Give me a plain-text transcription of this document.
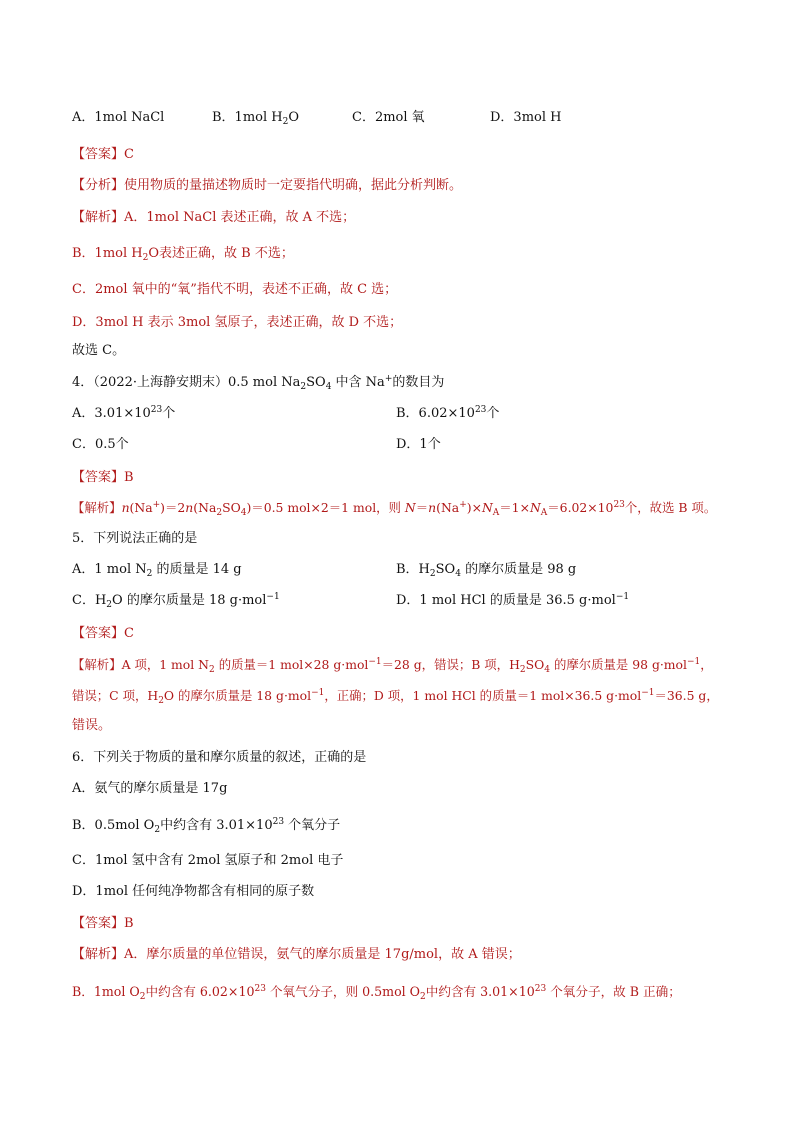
A．1mol NaCl	B．1mol $H_2O$	C．2mol 氧	D．3mol H
【答案】C
【分析】使用物质的量描述物质时一定要指代明确，据此分析判断。
【解析】A．1mol NaCl 表述正确，故 A 不选；
B．1mol $H_2O$表述正确，故 B 不选；
C．2mol 氧中的“氧”指代不明，表述不正确，故 C 选；
D．3mol H 表示 3mol 氢原子，表述正确，故 D 不选；
故选 C。
4．（2022·上海静安期末）0.5 mol $Na_2SO_4$ 中含 Na+的数目为
A．$3.01\times 10^{23}$个	B．$6.02\times 10^{23}$个
C．0.5个	D．1个
【答案】B
【解析】$n(Na^+)=2n(Na_2SO_4)=0.5$ mol×2＝1 mol，则 $N=n(Na^+)\times N_A=1\times N_A=6.02\times 10^{23}$个，故选 B 项。
5．下列说法正确的是
A．1 mol $N_2$ 的质量是 14 g	B．$H_2SO_4$ 的摩尔质量是 98 g
C．$H_2O$ 的摩尔质量是 18 g·mol$^{-1}$	D．1 mol HCl 的质量是 36.5 g·mol$^{-1}$
【答案】C
【解析】A 项，1 mol $N_2$ 的质量＝1 mol×28 g·mol$^{-1}$＝28 g，错误；B 项，$H_2SO_4$ 的摩尔质量是 98 g·mol$^{-1}$，
错误；C 项，$H_2O$ 的摩尔质量是 18 g·mol$^{-1}$，正确；D 项，1 mol HCl 的质量＝1 mol×36.5 g·mol$^{-1}$＝36.5 g，
错误。
6．下列关于物质的量和摩尔质量的叙述，正确的是
A．氨气的摩尔质量是 17g
B．0.5mol $O_2$中约含有 $3.01\times 10^{23}$ 个氧分子
C．1mol 氢中含有 2mol 氢原子和 2mol 电子
D．1mol 任何纯净物都含有相同的原子数
【答案】B
【解析】A．摩尔质量的单位错误，氨气的摩尔质量是 17g/mol，故 A 错误；
B．1mol $O_2$中约含有 $6.02\times 10^{23}$ 个氧气分子，则 0.5mol $O_2$中约含有 $3.01\times 10^{23}$ 个氧分子，故 B 正确；
